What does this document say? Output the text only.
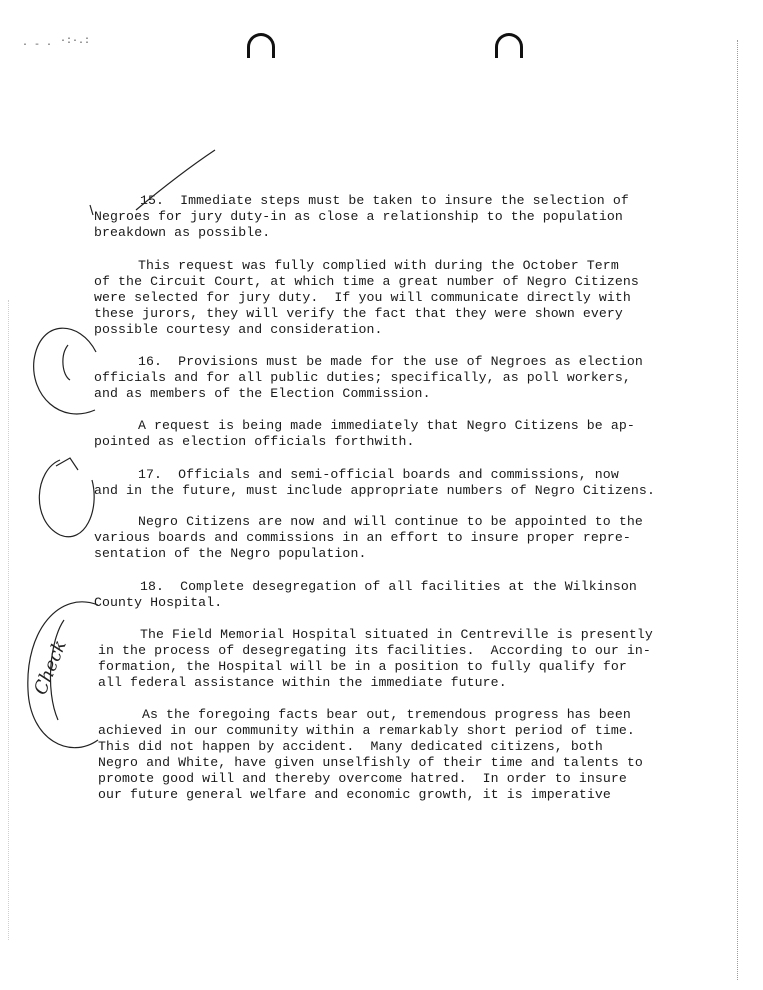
· - · ·:·.:
15.  Immediate steps must be taken to insure the selection of
Negroes for jury duty-in as close a relationship to the population
breakdown as possible.
This request was fully complied with during the October Term
of the Circuit Court, at which time a great number of Negro Citizens
were selected for jury duty.  If you will communicate directly with
these jurors, they will verify the fact that they were shown every
possible courtesy and consideration.
16.  Provisions must be made for the use of Negroes as election
officials and for all public duties; specifically, as poll workers,
and as members of the Election Commission.
A request is being made immediately that Negro Citizens be ap-
pointed as election officials forthwith.
17.  Officials and semi-official boards and commissions, now
and in the future, must include appropriate numbers of Negro Citizens.
Negro Citizens are now and will continue to be appointed to the
various boards and commissions in an effort to insure proper repre-
sentation of the Negro population.
18.  Complete desegregation of all facilities at the Wilkinson
County Hospital.
The Field Memorial Hospital situated in Centreville is presently
in the process of desegregating its facilities.  According to our in-
formation, the Hospital will be in a position to fully qualify for
all federal assistance within the immediate future.
As the foregoing facts bear out, tremendous progress has been
achieved in our community within a remarkably short period of time.
This did not happen by accident.  Many dedicated citizens, both
Negro and White, have given unselfishly of their time and talents to
promote good will and thereby overcome hatred.  In order to insure
our future general welfare and economic growth, it is imperative
Check
